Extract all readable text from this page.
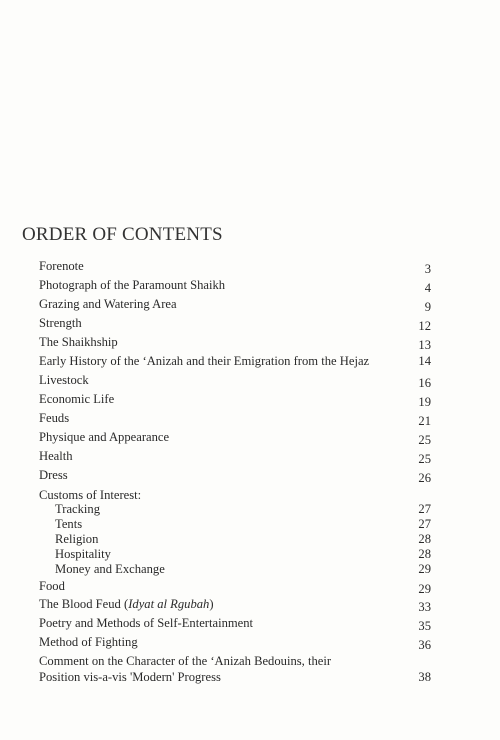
ORDER OF CONTENTS
Forenote	3
Photograph of the Paramount Shaikh	4
Grazing and Watering Area	9
Strength	12
The Shaikhship	13
Early History of the ‘Anizah and their Emigration from the Hejaz	14
Livestock	16
Economic Life	19
Feuds	21
Physique and Appearance	25
Health	25
Dress	26
Customs of Interest:
Tracking	27
Tents	27
Religion	28
Hospitality	28
Money and Exchange	29
Food	29
The Blood Feud (Idyat al Rgubah)	33
Poetry and Methods of Self-Entertainment	35
Method of Fighting	36
Comment on the Character of the ‘Anizah Bedouins, their

Position vis-a-vis 'Modern' Progress	38
